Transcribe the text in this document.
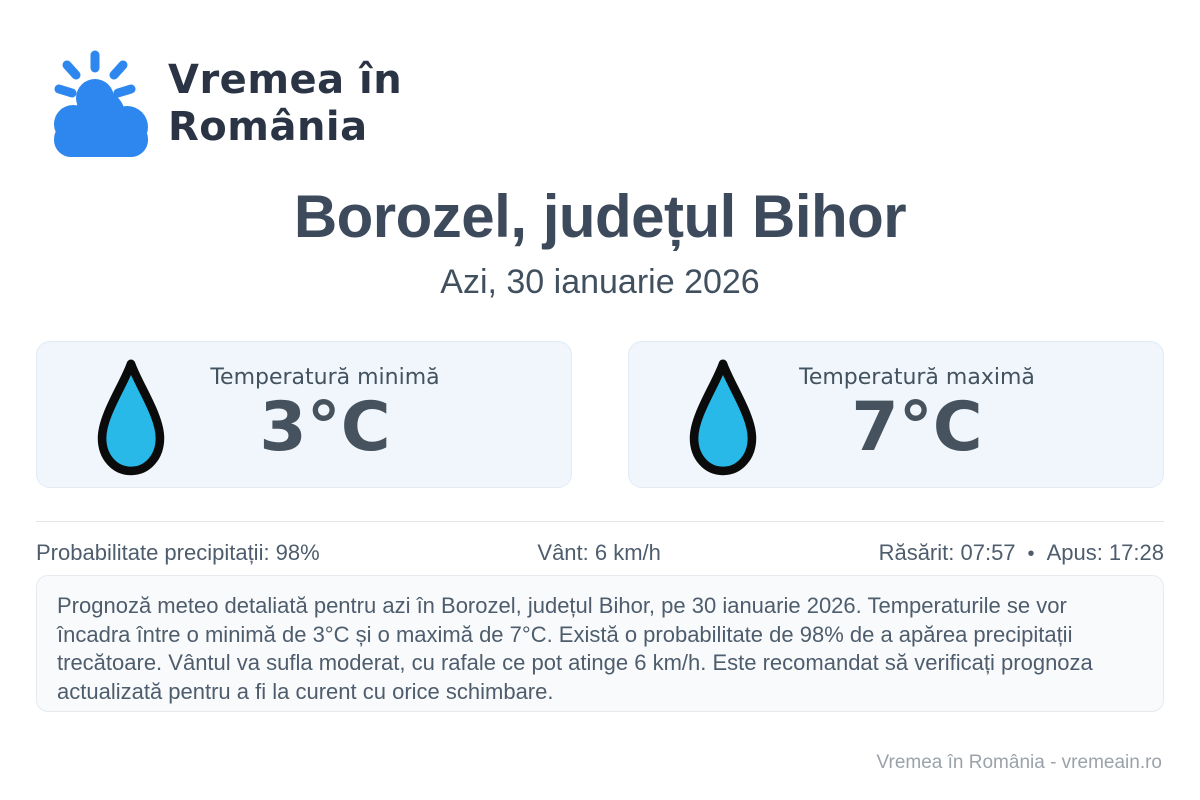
Vremea în
România
Borozel, județul Bihor
Azi, 30 ianuarie 2026
Temperatură minimă
3°C
Temperatură maximă
7°C
Probabilitate precipitații: 98%	Vânt: 6 km/h	Răsărit: 07:57 • Apus: 17:28

Prognoză meteo detaliată pentru azi în Borozel, județul Bihor, pe 30 ianuarie 2026. Temperaturile se vor încadra între o minimă de 3°C și o maximă de 7°C. Există o probabilitate de 98% de a apărea precipitații trecătoare. Vântul va sufla moderat, cu rafale ce pot atinge 6 km/h. Este recomandat să verificați prognoza actualizată pentru a fi la curent cu orice schimbare.

Vremea în România - vremeain.ro
